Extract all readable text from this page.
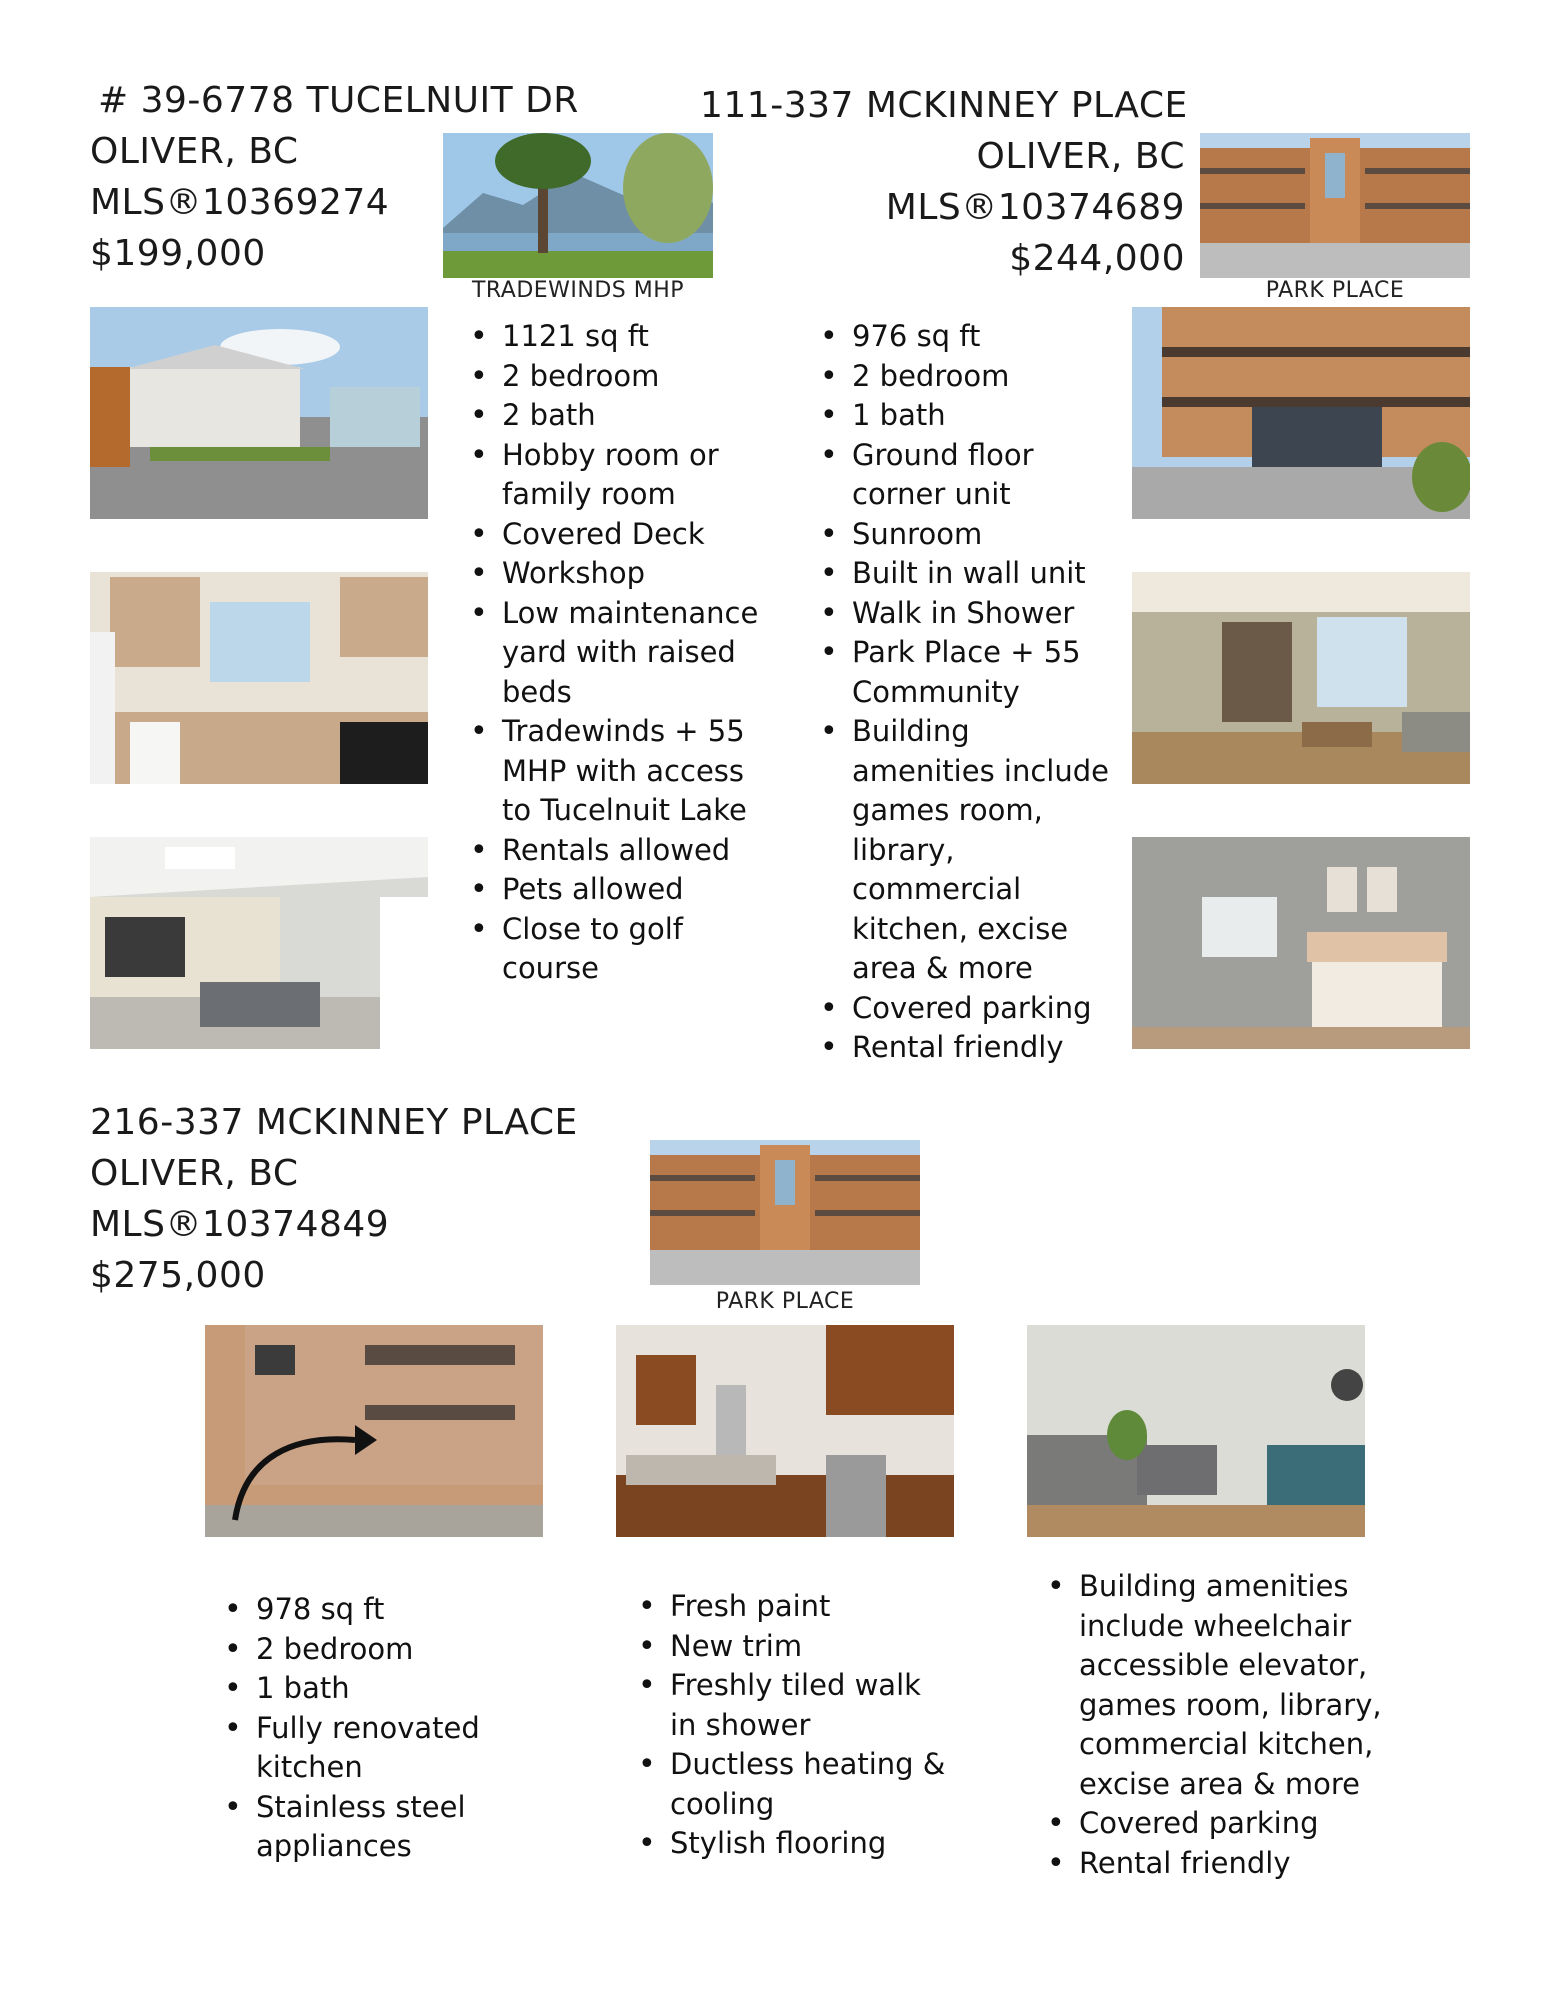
# 39-6778 TUCELNUIT DR
OLIVER, BC
MLS®10369274
$199,000
TRADEWINDS MHP
• 1121 sq ft
• 2 bedroom
• 2 bath
• Hobby room or family room
• Covered Deck
• Workshop
• Low maintenance yard with raised beds
• Tradewinds + 55 MHP with access to Tucelnuit Lake
• Rentals allowed
• Pets allowed
• Close to golf course
111-337 MCKINNEY PLACE
OLIVER, BC
MLS®10374689
$244,000
PARK PLACE
• 976 sq ft
• 2 bedroom
• 1 bath
• Ground floor corner unit
• Sunroom
• Built in wall unit
• Walk in Shower
• Park Place + 55 Community
• Building amenities include games room, library, commercial kitchen, excise area & more
• Covered parking
• Rental friendly
216-337 MCKINNEY PLACE
OLIVER, BC
MLS®10374849
$275,000
PARK PLACE
• 978 sq ft
• 2 bedroom
• 1 bath
• Fully renovated kitchen
• Stainless steel appliances
• Fresh paint
• New trim
• Freshly tiled walk in shower
• Ductless heating & cooling
• Stylish flooring
• Building amenities include wheelchair accessible elevator, games room, library, commercial kitchen, excise area & more
• Covered parking
• Rental friendly
